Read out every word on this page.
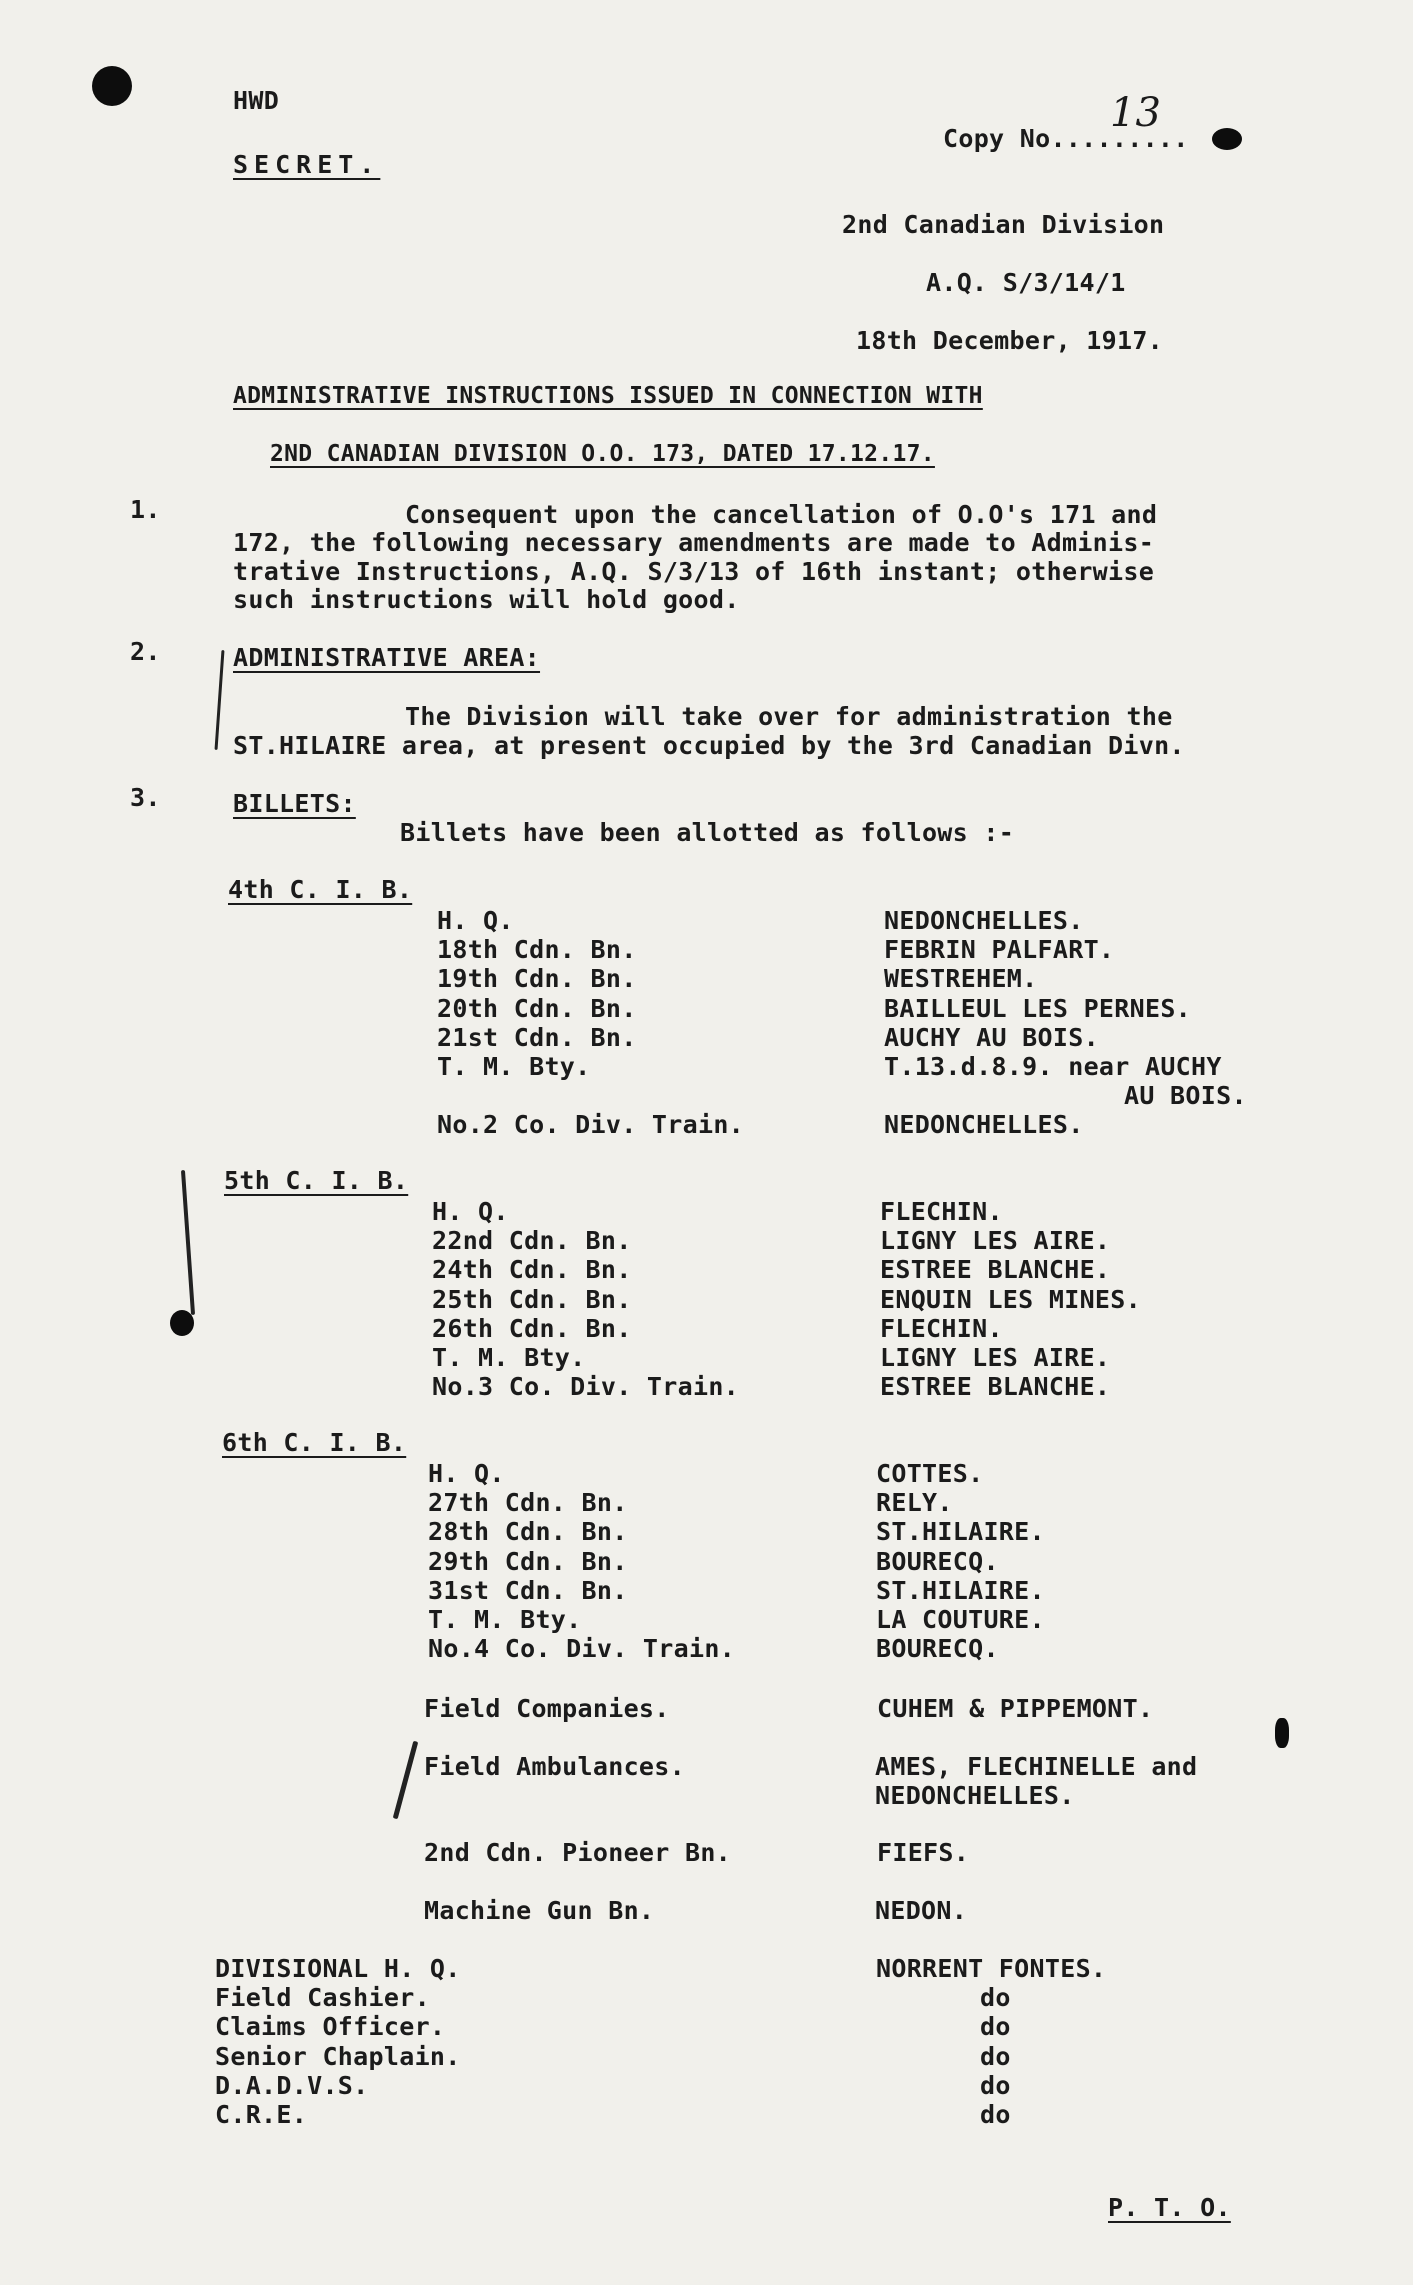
HWD
SECRET.
Copy No.........
13
2nd Canadian Division
A.Q. S/3/14/1
18th December, 1917.
ADMINISTRATIVE INSTRUCTIONS ISSUED IN CONNECTION WITH
2ND CANADIAN DIVISION O.O. 173, DATED 17.12.17.
1.	Consequent upon the cancellation of O.O's 171 and
172, the following necessary amendments are made to Adminis-
trative Instructions, A.Q. S/3/13 of 16th instant; otherwise
such instructions will hold good.
2.	ADMINISTRATIVE AREA:
The Division will take over for administration the
ST.HILAIRE area, at present occupied by the 3rd Canadian Divn.
3.	BILLETS:
Billets have been allotted as follows :-
4th C. I. B.
H. Q.	NEDONCHELLES.
18th Cdn. Bn.	FEBRIN PALFART.
19th Cdn. Bn.	WESTREHEM.
20th Cdn. Bn.	BAILLEUL LES PERNES.
21st Cdn. Bn.	AUCHY AU BOIS.
T. M. Bty.	T.13.d.8.9. near AUCHY
AU BOIS.
No.2 Co. Div. Train.	NEDONCHELLES.
5th C. I. B.
H. Q.	FLECHIN.
22nd Cdn. Bn.	LIGNY LES AIRE.
24th Cdn. Bn.	ESTREE BLANCHE.
25th Cdn. Bn.	ENQUIN LES MINES.
26th Cdn. Bn.	FLECHIN.
T. M. Bty.	LIGNY LES AIRE.
No.3 Co. Div. Train.	ESTREE BLANCHE.
6th C. I. B.
H. Q.	COTTES.
27th Cdn. Bn.	RELY.
28th Cdn. Bn.	ST.HILAIRE.
29th Cdn. Bn.	BOURECQ.
31st Cdn. Bn.	ST.HILAIRE.
T. M. Bty.	LA COUTURE.
No.4 Co. Div. Train.	BOURECQ.
Field Companies.	CUHEM & PIPPEMONT.
Field Ambulances.	AMES, FLECHINELLE and
NEDONCHELLES.
2nd Cdn. Pioneer Bn.	FIEFS.
Machine Gun Bn.	NEDON.
DIVISIONAL H. Q.	NORRENT FONTES.
Field Cashier.	do
Claims Officer.	do
Senior Chaplain.	do
D.A.D.V.S.	do
C.R.E.	do
P. T. O.
